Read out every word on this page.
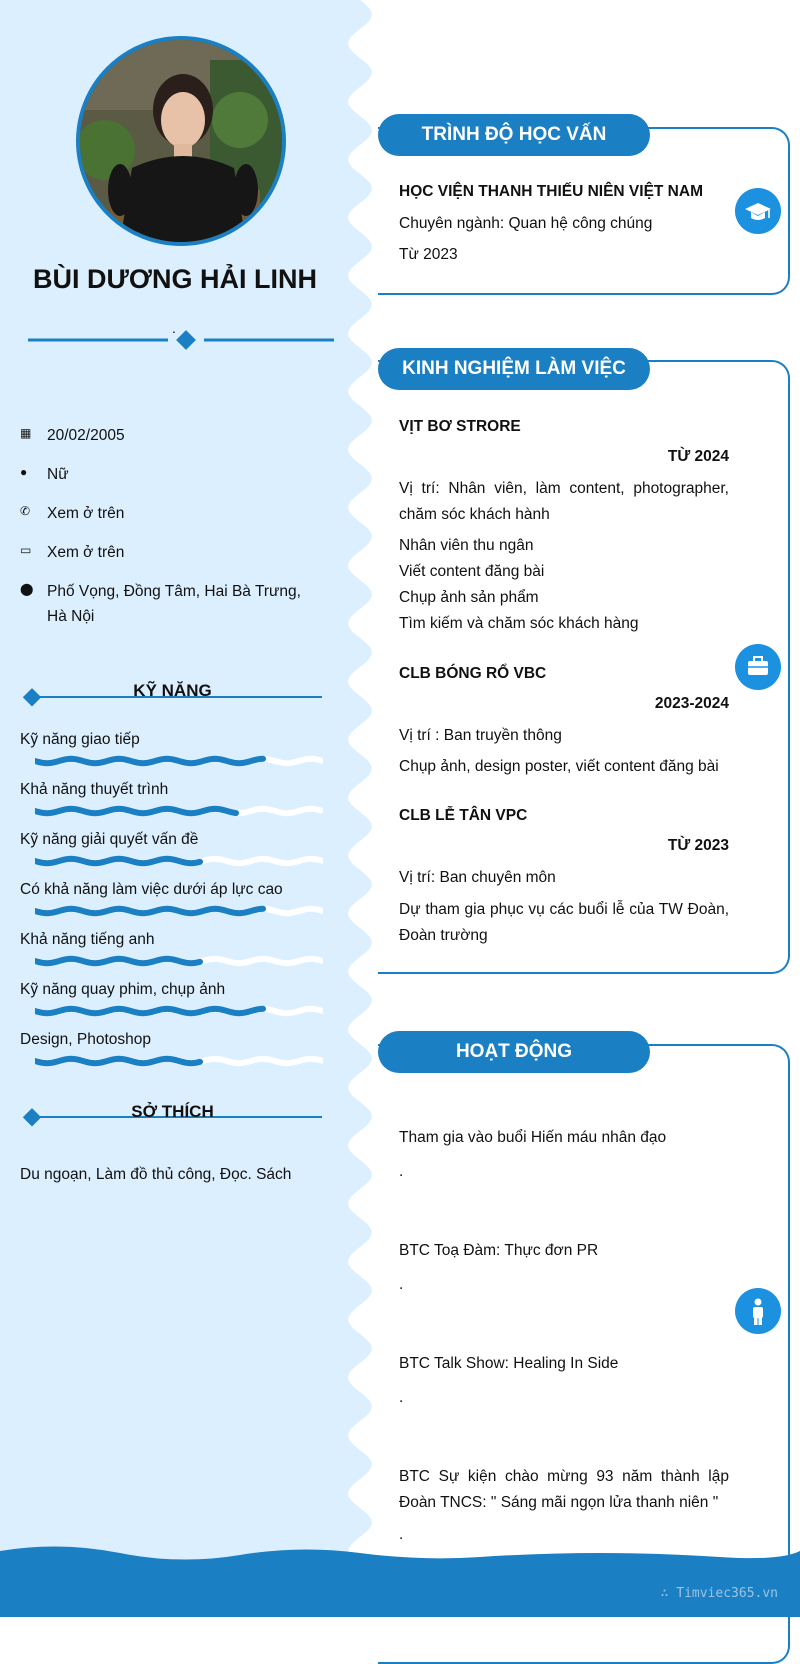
BÙI DƯƠNG HẢI LINH
.
▦	20/02/2005
●	Nữ
✆	Xem ở trên
▭	Xem ở trên
⬤ Phố Vọng, Đồng Tâm, Hai Bà Trưng, Hà Nội
KỸ NĂNG
Kỹ năng giao tiếp
Khả năng thuyết trình
Kỹ năng giải quyết vấn đề
Có khả năng làm việc dưới áp lực cao
Khả năng tiếng anh
Kỹ năng quay phim, chụp ảnh
Design, Photoshop
SỞ THÍCH
Du ngoạn, Làm đồ thủ công, Đọc. Sách
TRÌNH ĐỘ HỌC VẤN
HỌC VIỆN THANH THIẾU NIÊN VIỆT NAM
Chuyên ngành: Quan hệ công chúng
Từ 2023
KINH NGHIỆM LÀM VIỆC
VỊT BƠ STRORE
TỪ 2024
Vị trí: Nhân viên, làm content, photographer, chăm sóc khách hành
Nhân viên thu ngân
Viết content đăng bài
Chụp ảnh sản phẩm
Tìm kiếm và chăm sóc khách hàng
CLB BÓNG RỔ VBC
2023-2024
Vị trí : Ban truyền thông
Chụp ảnh, design poster, viết content đăng bài
CLB LỄ TÂN VPC
TỪ 2023
Vị trí: Ban chuyên môn
Dự tham gia phục vụ các buổi lễ của TW Đoàn, Đoàn trường
HOẠT ĐỘNG
Tham gia vào buổi Hiến máu nhân đạo
.
BTC Toạ Đàm: Thực đơn PR
.
BTC Talk Show: Healing In Side
.
BTC Sự kiện chào mừng 93 năm thành lập Đoàn TNCS: " Sáng mãi ngọn lửa thanh niên "
.
∴ Timviec365.vn
